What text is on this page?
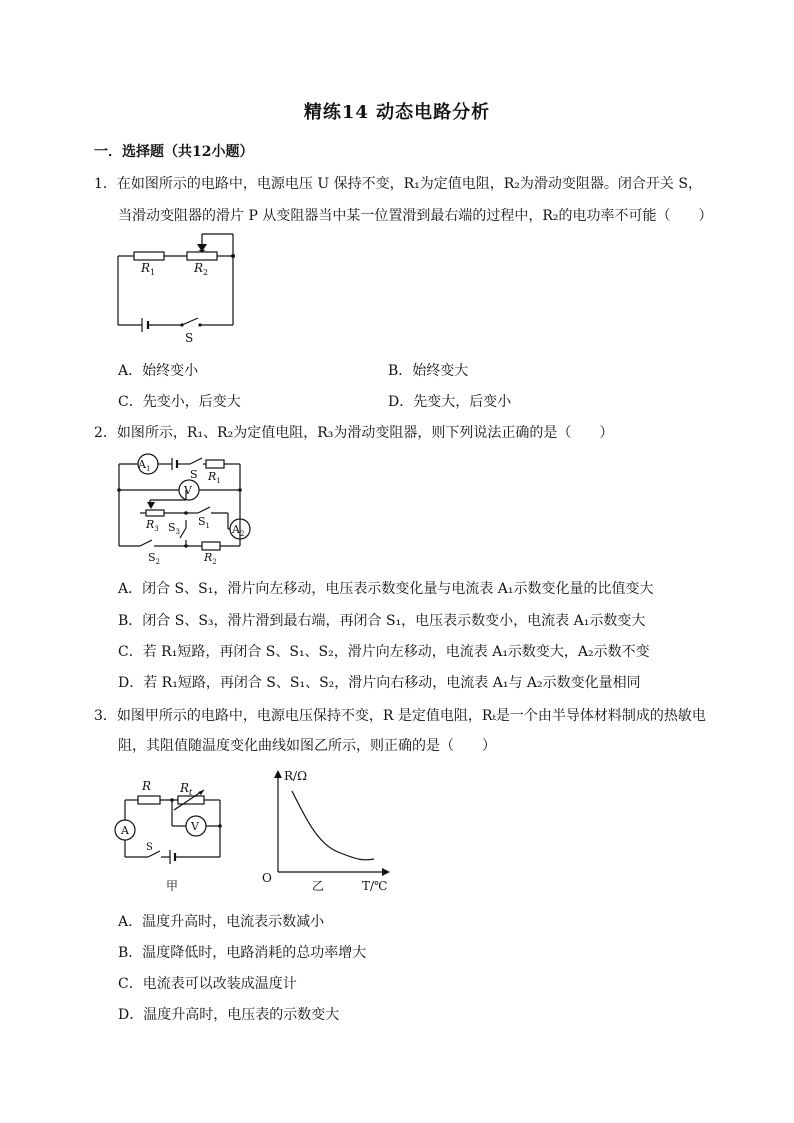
精练14 动态电路分析
一．选择题（共12小题）
1．在如图所示的电路中，电源电压 U 保持不变，R₁为定值电阻，R₂为滑动变阻器。闭合开关 S，
当滑动变阻器的滑片 P 从变阻器当中某一位置滑到最右端的过程中，R₂的电功率不可能（　　）
$R_1$	$R_2$
S
A．始终变小	B．始终变大
C．先变小，后变大	D．先变大，后变小
2．如图所示，R₁、R₂为定值电阻，R₃为滑动变阻器，则下列说法正确的是（　　）
$A_1$	S $R_1$
V
$R_3$ $S_3$
$S_1$ $A_2$
$S_2$	$R_2$
A．闭合 S、S₁，滑片向左移动，电压表示数变化量与电流表 A₁示数变化量的比值变大
B．闭合 S、S₃，滑片滑到最右端，再闭合 S₁，电压表示数变小，电流表 A₁示数变大
C．若 R₁短路，再闭合 S、S₁、S₂，滑片向左移动，电流表 A₁示数变大，A₂示数不变
D．若 R₁短路，再闭合 S、S₁、S₂，滑片向右移动，电流表 A₁与 A₂示数变化量相同
3．如图甲所示的电路中，电源电压保持不变，R 是定值电阻，Rₜ是一个由半导体材料制成的热敏电
阻，其阻值随温度变化曲线如图乙所示，则正确的是（　　）
A	V
R $R_t$
S
甲
R/Ω
O
乙	T/℃
A．温度升高时，电流表示数减小
B．温度降低时，电路消耗的总功率增大
C．电流表可以改装成温度计
D．温度升高时，电压表的示数变大
